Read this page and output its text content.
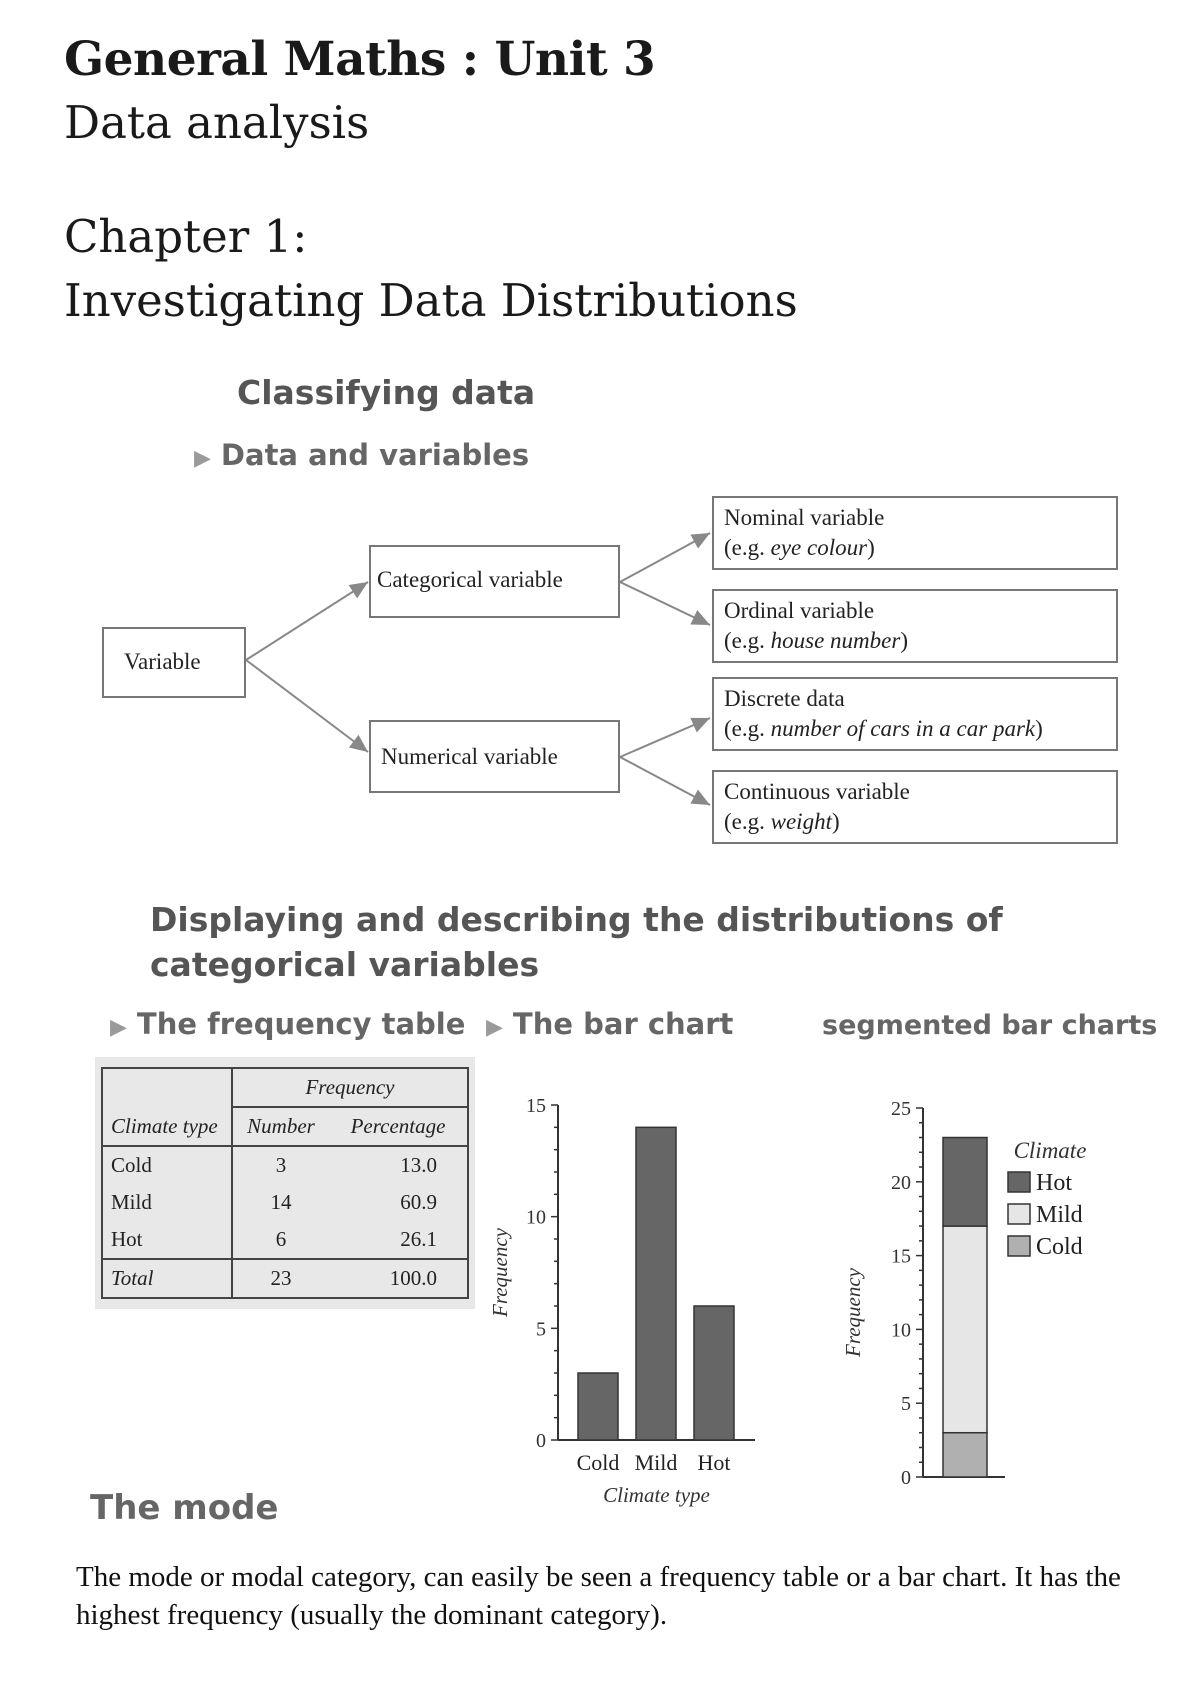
General Maths : Unit 3
Data analysis
Chapter 1:
Investigating Data Distributions
Classifying data
▶ Data and variables
Variable
Categorical variable
Numerical variable
Nominal variable
(e.g. eye colour)
Ordinal variable
(e.g. house number)
Discrete data
(e.g. number of cars in a car park)
Continuous variable
(e.g. weight)
Displaying and describing the distributions of
categorical variables
▶ The frequency table ▶ The bar chart	segmented bar charts
	Frequency	
Climate type	Number	Percentage
Cold	3	13.0
Mild	14	60.9
Hot	6	26.1
Total	23	100.0
0
5
10
15
Cold Mild Hot
Climate type
Frequency
0
5
10
15
20
25
Frequency
Climate
Hot
Mild
Cold
The mode
The mode or modal category, can easily be seen a frequency table or a bar chart. It has the highest frequency (usually the dominant category).
